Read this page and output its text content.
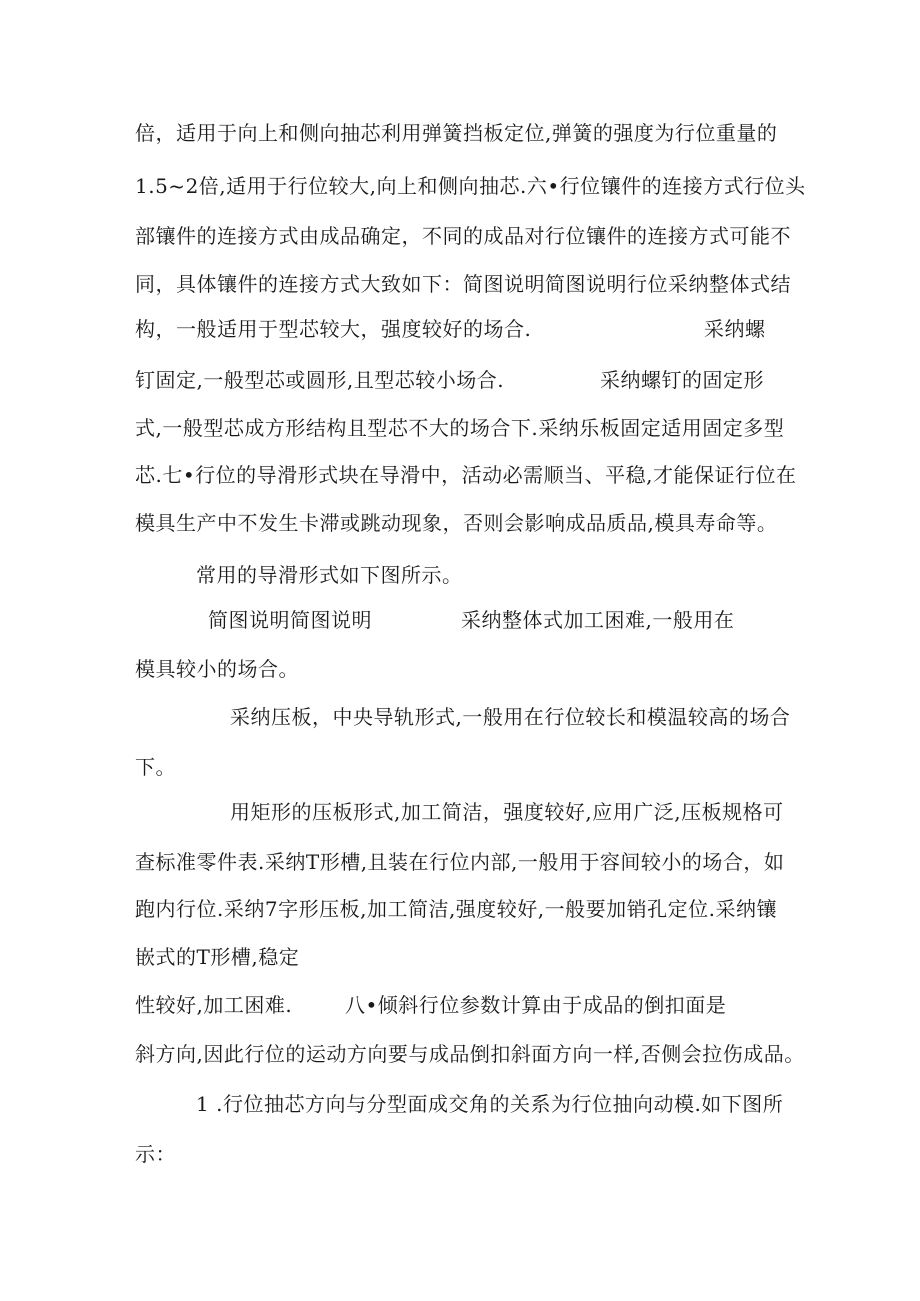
倍，适用于向上和侧向抽芯利用弹簧挡板定位,弹簧的强度为行位重量的
1.5~2倍,适用于行位较大,向上和侧向抽芯.六•行位镶件的连接方式行位头
部镶件的连接方式由成品确定，不同的成品对行位镶件的连接方式可能不
同，具体镶件的连接方式大致如下：简图说明简图说明行位采纳整体式结
构，一般适用于型芯较大，强度较好的场合.	采纳螺
钉固定,一般型芯或圆形,且型芯较小场合.	采纳螺钉的固定形
式,一般型芯成方形结构且型芯不大的场合下.采纳乐板固定适用固定多型
芯.七•行位的导滑形式块在导滑中，活动必需顺当、平稳,才能保证行位在
模具生产中不发生卡滞或跳动现象，否则会影响成品质品,模具寿命等。
常用的导滑形式如下图所示。
简图说明简图说明	采纳整体式加工困难,一般用在
模具较小的场合。
采纳压板，中央导轨形式,一般用在行位较长和模温较高的场合
下。
用矩形的压板形式,加工简洁，强度较好,应用广泛,压板规格可
查标准零件表.采纳T形槽,且装在行位内部,一般用于容间较小的场合，如
跑内行位.采纳7字形压板,加工简洁,强度较好,一般要加销孔定位.采纳镶
嵌式的T形槽,稳定
性较好,加工困难.	八•倾斜行位参数计算由于成品的倒扣面是
斜方向,因此行位的运动方向要与成品倒扣斜面方向一样,否侧会拉伤成品。
1 .行位抽芯方向与分型面成交角的关系为行位抽向动模.如下图所
示：
